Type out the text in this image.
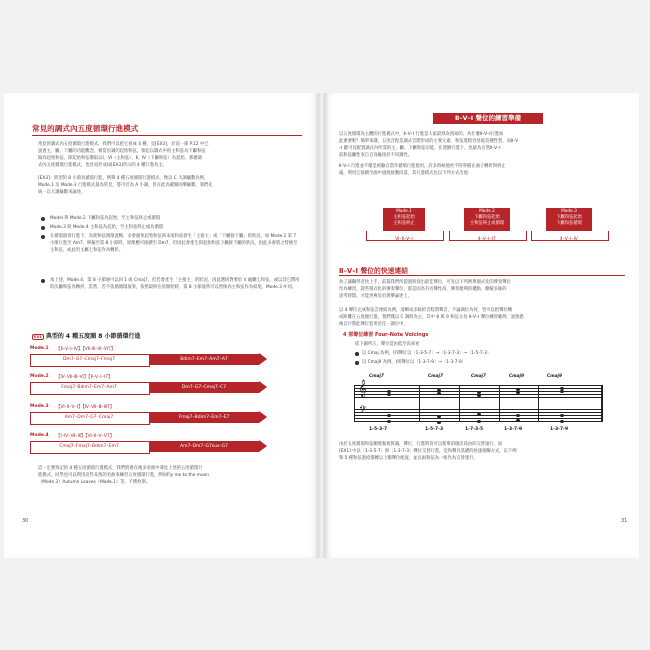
常見的調式內五度循環行進模式
常見的調式內五度循環行進模式，我們可以把它看成 4 種，見[EX3]，於前一節 P.12 中已
說過主、屬、下屬的功能觀念，相當於調的起始和弦，領起以調式中的主和弦為下屬和弦
做為起始和弦，即起始和弦選取以Ⅰ、Ⅵ（主和弦）、Ⅱ、Ⅳ（下屬和弦）為起始，那麼調
式內五度循環行進模式，也容易形成如[EX3]所示的 4 種行進為主。
[EX3]：典型的 8 小節為循環行進，例舉 4 種五度循環行進模式，像以 C 大調級數為例，
Mode.1 及 Mode.3 行進模式最為常見，將可近為 A 小調，但在此為避開同樂級數，我們先
統一以大調級數來論述。
Model 與 Mode.2 下屬和弦為起始，至主和弦終止或循環
Mode.3 與 Mode.4 主和弦為起始，至主和弦終止或為循環
在循環演奏行進下，為使和弦循環流暢，多會避免起始和弦與末尾和弦發生「主接主」或「下屬接下屬」的狀況，如 Mode.1 第 7 小節行進至 Am7，移擬至第 8 小節時，原理應可接續至 Dm7，但因此會產生與起始和弦下屬接下屬的狀況，因此多會將之替換至主和弦，或此用主屬七和弦作為轉折。
承上述，Mode.4，第 8 小節通可以回 1 或 Cmaj7，但若會產生「主接主」的狀況，因此選回對要於 V 級屬七和弦，或以其它慣用的次屬和弦為轉折，當然，若不依循循環演奏，依照最終在於開始時，第 8 小節通常可以替換為主和弦作為結尾，Mode.3 亦同。
EX3 典型的 4 種五度圈 8 小節循環行進
Mode.1 【Ⅱ–Ⅴ–Ⅰ–Ⅳ】【Ⅶ–Ⅲ–Ⅵ–Ⅵ7】
Dm7–G7–Cmaj7–Fmaj7	Bdim7–Em7–Am7–A7
Mode.2 【Ⅳ–Ⅶ–Ⅲ–Ⅵ】【Ⅱ–Ⅴ–Ⅰ–Ⅰ7】
Fmaj7–Bdim7–Em7–Am7	Dm7–G7–Cmaj7–C7
Mode.3 【Ⅵ–Ⅱ–Ⅴ–Ⅰ】【Ⅳ–Ⅶ–Ⅲ–Ⅲ7】
Am7–Dm7–G7–Cmaj7	Fmaj7–Bdim7–Em7–E7
Mode.4 【Ⅰ–Ⅳ–Ⅶ–Ⅲ】【Ⅵ–Ⅱ–Ⅴ–Ⅴ7】
Cmaj7–Fmaj7–Bdim7–Em7	Am7–Dm7–G7sus–G7
這一定要熟記的 4 種五度循環行進模式，我們將會在後多看曲中遇見上述的五度循環行
進模式，同學也可以利用這些耳熟的名曲來練習五度循環行進，例如Fly me to the moon
（Mode.3）Autumn Leaves（Mode.1）等，不勝枚舉。
30
Ⅱ–Ⅴ–Ⅰ 聲位的練習準備
以五度循環為主體的行進模式中，Ⅱ–Ⅴ–Ⅰ 行進是大家最熟為熟知的，為什麼Ⅱ–Ⅴ–Ⅰ行進如
此重要呢？簡單來講，五度音程是調式音階形成的主要元素，和弦進程容易從這種性質，而Ⅱ–Ⅴ
–Ⅰ 鍵可以配置調式內所需的主、屬、下屬和弦功能，在連續行進下，也最為自然Ⅱ–Ⅴ–Ⅰ
前和弦屬性來自自身級接於不同調性。
Ⅱ–Ⅴ–Ⅰ 行進並不僅是經驗自當作循環行進使用，許多時候他更不時穿插在曲子轉折與終止
處，利用它接續至曲中過渡接應段落，其行進模式包以下列方式出現：
Mode.1
主和弦起始
主和弦終止
Ⅵ–Ⅱ–Ⅴ–Ⅰ
Mode.2
下屬和弦起始
主和弦終止或循環
Ⅱ–Ⅴ–Ⅰ–Ⅰ7
Mode.3
下屬和弦起始
下屬和弦循環
Ⅱ–Ⅴ–Ⅰ–Ⅳ
Ⅱ–Ⅴ–Ⅰ 聲位的快速連結
為了讓鋼琴者快上手，前篇我們所提過與找出最佳聲位，可先以下列例舉個式化的彈奏聲位
作為練習，證些制式化的彈奏聲位，都是因為有名聲性高、彈奏便利的優點，瞭解多餘的
思考時間，才能更專於於與樂論述上。
以 4 聲位完成和弦音連結為例，清晰成多餘的音程間聲音，不論調位為何，皆可以把聲位構
成距離在五度圈行進，我們僅以 C 調與為主，其中 8 與 9 和弦分為 Ⅱ–Ⅴ–Ⅰ 聲位練習範例，請熟悉
後自行將此聲位套用於任一調位中。
4 部聲位練習 Four-Note Voicings
依下圖所示，聲位當由低至高來看
以 Cmaj 為例，Ⅰ到聲位以〔1-3-5-7〕→〔1-3-7-3〕→〔1-5-7-3〕
以 Cmaj9 為例，Ⅰ到聲位以〔1-3-7-9〕→〔1-3-7-9〕
Cmaj7	Cmaj7	Cmaj7	Cmaj9	Cmaj9
𝄞
𝄢
1-5-3-7	1-5-7-3	1-7-3-5	1-3-7-9	1-3-7-9
由於五度循環和弦關係緊密與調，聲位、行進時管可以使單的儀出爲由的交替運行，如
[EX1] 中以〔1-3-5-7〕與〔1-3-7-3〕聲位交替行進，是和聲具基礎的快速接觸方式，以下例
舉 5 種和弦過給都轉以上關聲位配置，並以兩和弦為一組作為交替運行。
31
